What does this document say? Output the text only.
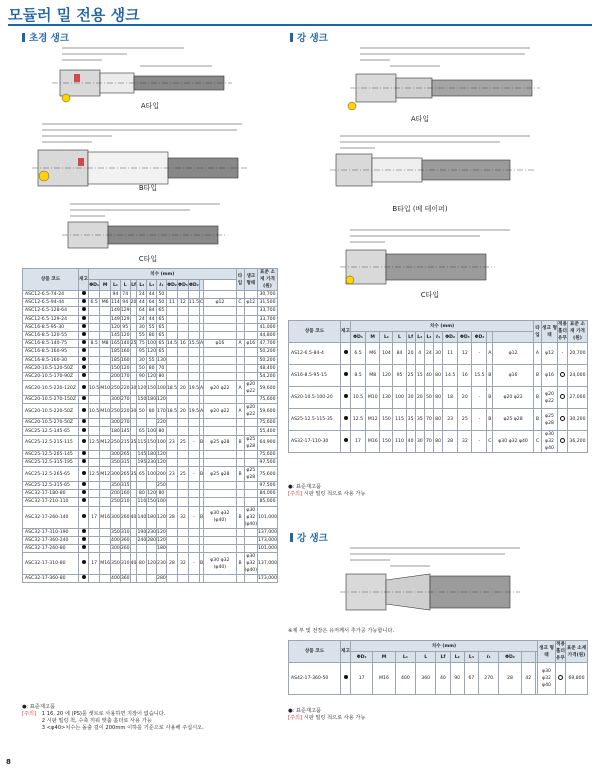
모듈러 밀 전용 생크
초경 생크
A타입
B타입
C타입
상품 코드	재고	치수 (mm)													타입	생크 형태	표준 소재 가격(원)
		ΦD₁	M	L₁	L	Lf	L₂	L₃	ℓ₁	ΦD₂	ΦD₃	ΦD₄					
ASC12-6.5-74-24				94	74		24	44	50								30,700
ASC12-6.5-94-44		6.5	M6	114	94	20	44	64	50	11	12	11.5	C	φ12	C	φ12	31,500
ASC12-6.5-128-64				149	129		64	84	65								33,700
ASC12-6.5-129-24				149	129		24	44	65								33,700
ASC16-8.5-95-30				120	95		30	55	65								41,000
ASC16-8.5-120-55				145	120		55	80	65								44,800
ASC16-8.5-140-75		8.5	M8	165	140	25	75	100	65	14.5	16	15.5	A	φ16	A	φ16	47,700
ASC16-8.5-160-95				185	160		95	120	65								50,200
ASC16-8.5-160-30				185	160		30	55	130								50,200
ASC20-10.5-120-50Z				150	120		50	80	70								48,400
ASC20-10.5-170-90Z				200	170		90	120	80								54,200
ASC20-10.5-220-120Z		10.5	M10	250	220	30	120	150	100	18.5	20	19.5	A	φ20 φ22	A	φ20 φ22	59,600
ASC20-10.5-270-150Z				300	270		150	180	120								75,600
ASC20-10.5-220-50Z		10.5	M10	250	220	30	50	80	170	18.5	20	19.5	A	φ20 φ22	A	φ20 φ22	59,600
ASC20-10.5-270-50Z				300	270				220								75,600
ASC25-12.5-145-65				180	145		65	100	80								55,400
ASC25-12.5-215-115		12.5	M12	250	215	35	115	150	100	23	25	-	B	φ25 φ28	B	φ25 φ28	64,900
ASC25-12.5-265-145				300	265		145	180	120								75,600
ASC25-12.5-315-195				350	315		195	230	120								97,500
ASC25-12.5-265-65		12.5	M12	300	265	35	65	100	200	23	25	-	B	φ25 φ28	B	φ25 φ28	75,600
ASC25-12.5-315-65				350	315				250								97,500
ASC32-17-180-80				200	160		80	120	80								84,000
ASC32-17-210-110				250	210		110	150	100								85,000
ASC32-17-260-140		17	M16	300	260	40	140	180	120	28	32	-	B	φ30 φ32 (φ40)	B	φ30 φ32 (φ40)	101,000
ASC32-17-310-190				350	310		190	230	120								137,000
ASC32-17-360-240				400	360		240	280	120								173,000
ASC32-17-260-80				300	260				180								101,000
ASC32-17-310-80		17	M16	350	310	40	80	120	230	28	32	-	B	φ30 φ32 (φ40)	B	φ30 φ32 (φ40)	137,000
ASC32-17-360-80				400	360				280								173,000
●: 표준재고품
[주의] 1 16, 20 에 (PS)를 셋트로 사용하면 지장이 없습니다.
2 시판 밀링 척, 수축 끼워 맞춤 홀더로 사용 가능
3 <φ40>치수는 돌출 길이 200mm 이하를 기준으로 사용해 주십시오.
강 생크
A타입
B타입 (베 테이퍼)
C타입
상품 코드	재고	치수 (mm)													타입	생크 형태	적용 홀더 유무	표준 소재 가격(원)
		ΦD₁	M	L₁	L	Lf	L₂	L₃	ℓ₁	ΦD₂	ΦD₃	ΦD₄						
AS12-6.5-84-4		6.5	M6	104	84	20	4	24	30	11	12	-	A	φ12	A	φ12	-	20,700
AS16-8.5-95-15		8.5	M8	120	95	25	15	40	80	14.5	16	15.5	B	φ16	B	φ16		24,000
AS20-10.5-100-20		10.5	M10	130	100	30	20	50	80	18	20	-	B	φ20 φ22	B	φ20 φ22		27,000
AS25-12.5-115-35		12.5	M12	150	115	35	35	70	80	23	25	-	B	φ25 φ28	B	φ25 φ28		30,200
AS32-17-110-30		17	M16	150	110	40	30	70	80	28	32	-	C	φ30 φ32 φ40	C	φ30 φ32 φ40		36,200
●: 표준재고품
[주의] 시판 밀링 척으로 사용 가능
강 생크
※제 부 및 전장은 유저께서 추가공 가능합니다.
상품 코드	재고	치수 (mm)											생크 형태	적용 홀더 유무	표준 소재 가격(원)
		ΦD₁	M	L₁	L	Lf	L₂	L₃	ℓ₁	ΦD₂					
AS42-17-360-50		17	M16	400	360	40	90	67	270	28	42		φ30 φ32 φ40		69,800
●: 표준재고품
[주의] 시판 밀링 척으로 사용 가능
8
